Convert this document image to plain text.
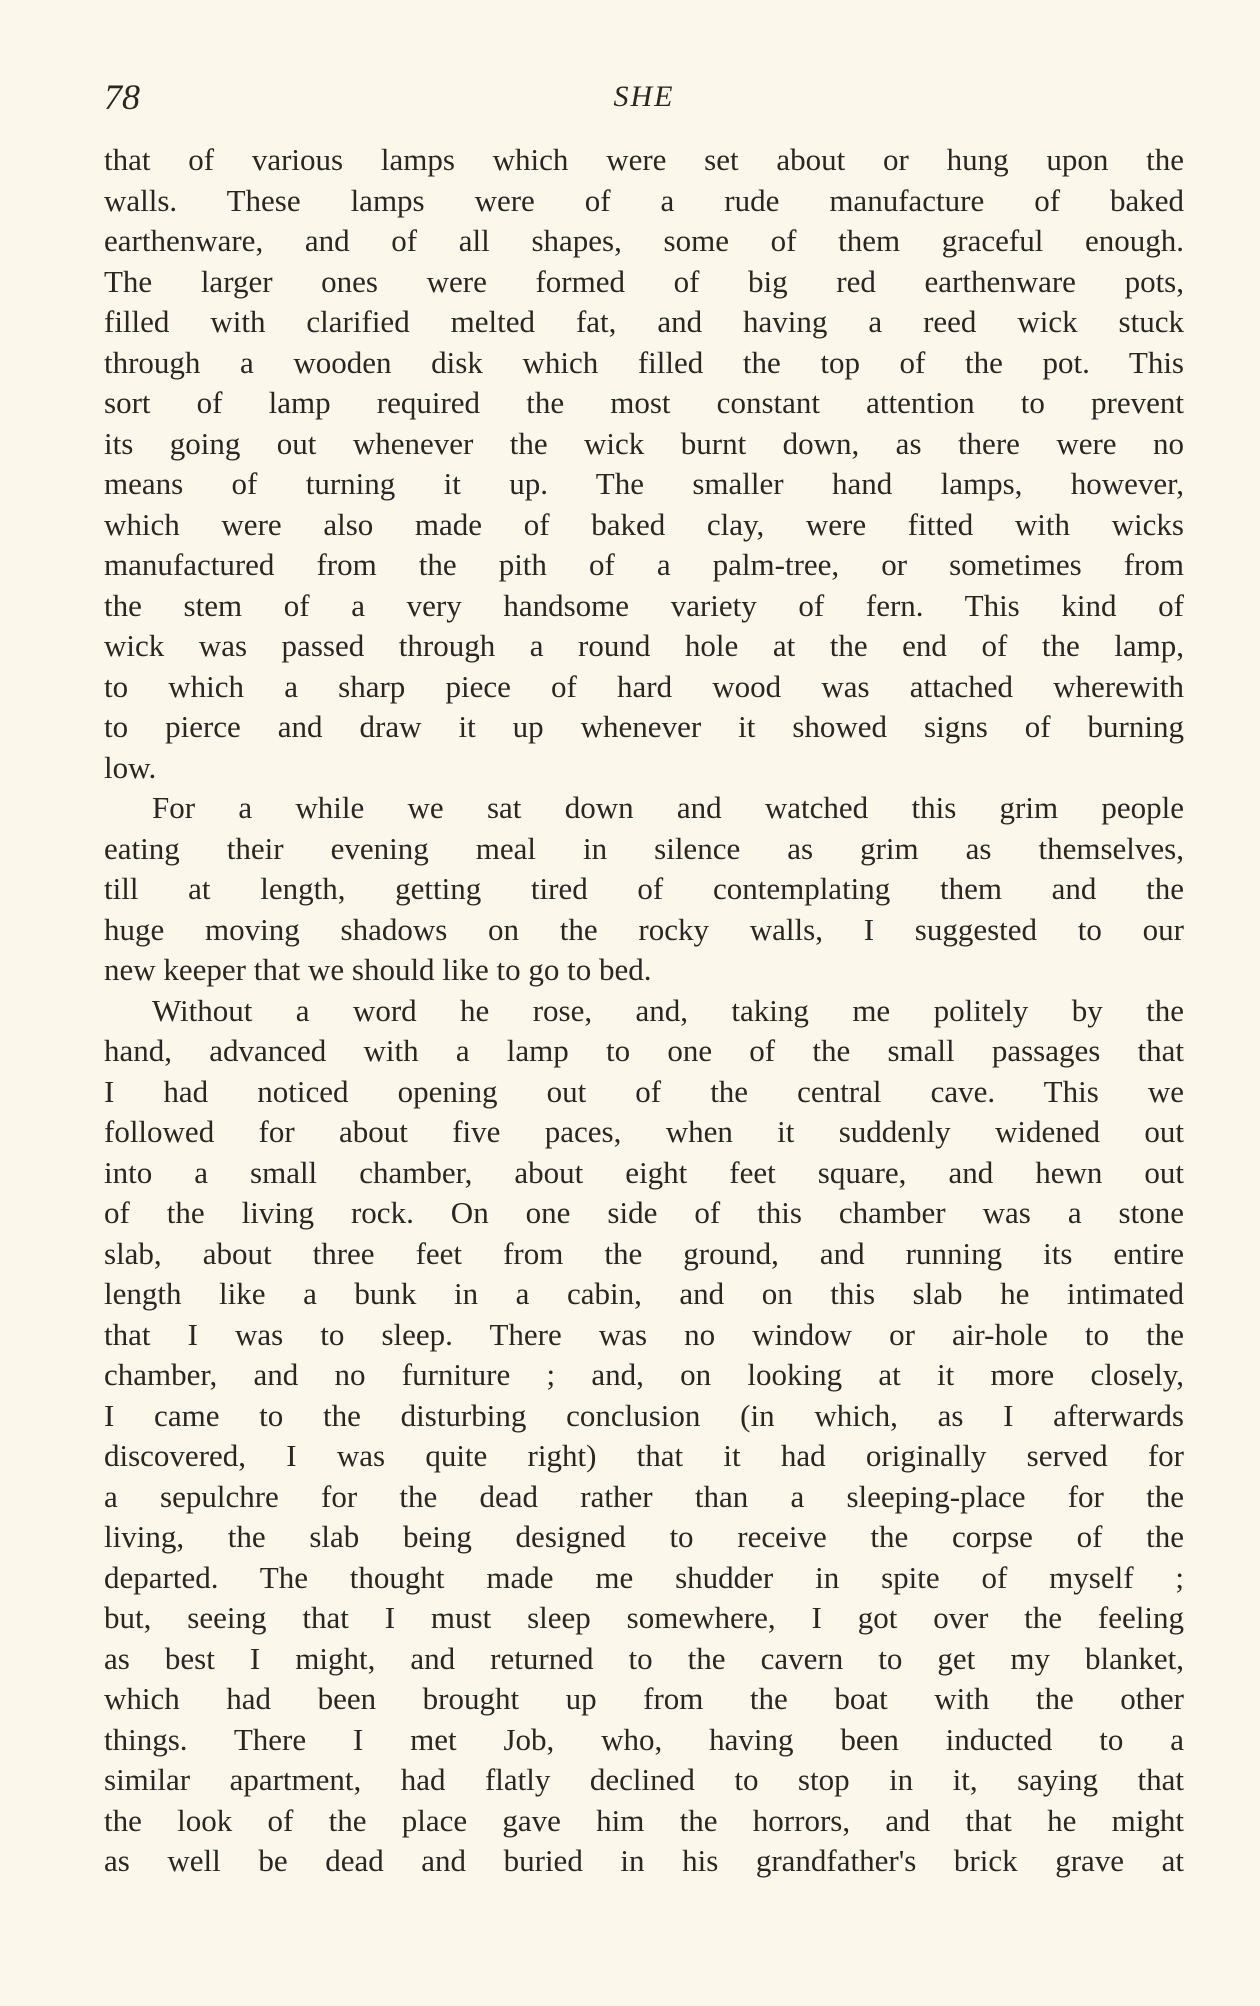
78	SHE
that of various lamps which were set about or hung upon the
walls. These lamps were of a rude manufacture of baked
earthenware, and of all shapes, some of them graceful enough.
The larger ones were formed of big red earthenware pots,
filled with clarified melted fat, and having a reed wick stuck
through a wooden disk which filled the top of the pot. This
sort of lamp required the most constant attention to prevent
its going out whenever the wick burnt down, as there were no
means of turning it up. The smaller hand lamps, however,
which were also made of baked clay, were fitted with wicks
manufactured from the pith of a palm-tree, or sometimes from
the stem of a very handsome variety of fern. This kind of
wick was passed through a round hole at the end of the lamp,
to which a sharp piece of hard wood was attached wherewith
to pierce and draw it up whenever it showed signs of burning
low.
For a while we sat down and watched this grim people
eating their evening meal in silence as grim as themselves,
till at length, getting tired of contemplating them and the
huge moving shadows on the rocky walls, I suggested to our
new keeper that we should like to go to bed.
Without a word he rose, and, taking me politely by the
hand, advanced with a lamp to one of the small passages that
I had noticed opening out of the central cave. This we
followed for about five paces, when it suddenly widened out
into a small chamber, about eight feet square, and hewn out
of the living rock. On one side of this chamber was a stone
slab, about three feet from the ground, and running its entire
length like a bunk in a cabin, and on this slab he intimated
that I was to sleep. There was no window or air-hole to the
chamber, and no furniture ; and, on looking at it more closely,
I came to the disturbing conclusion (in which, as I afterwards
discovered, I was quite right) that it had originally served for
a sepulchre for the dead rather than a sleeping-place for the
living, the slab being designed to receive the corpse of the
departed. The thought made me shudder in spite of myself ;
but, seeing that I must sleep somewhere, I got over the feeling
as best I might, and returned to the cavern to get my blanket,
which had been brought up from the boat with the other
things. There I met Job, who, having been inducted to a
similar apartment, had flatly declined to stop in it, saying that
the look of the place gave him the horrors, and that he might
as well be dead and buried in his grandfather's brick grave at
